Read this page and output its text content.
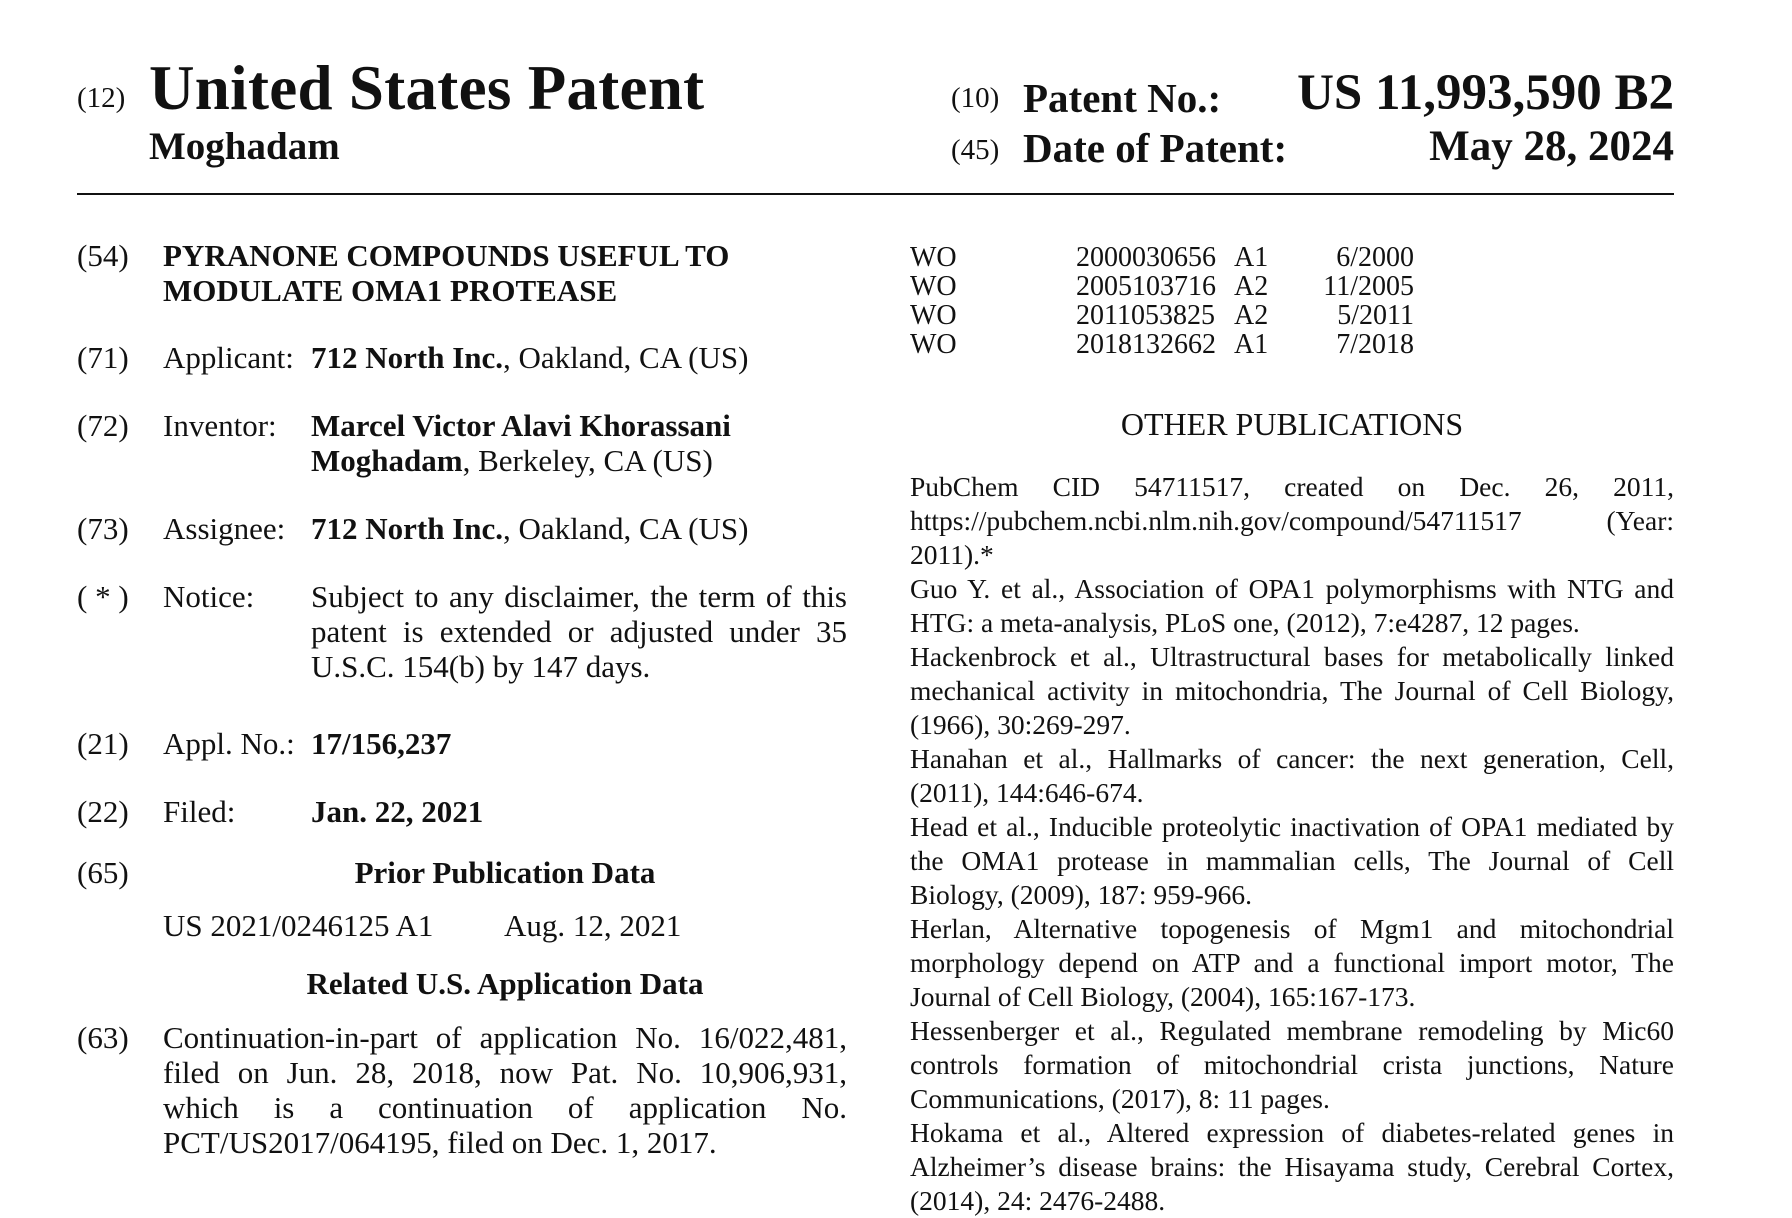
(12) United States Patent
Moghadam
(10) Patent No.: US 11,993,590 B2
(45) Date of Patent:	May 28, 2024
(54) PYRANONE COMPOUNDS USEFUL TO
MODULATE OMA1 PROTEASE
(71) Applicant: 712 North Inc., Oakland, CA (US)
(72) Inventor: Marcel Victor Alavi Khorassani
Moghadam, Berkeley, CA (US)
(73) Assignee: 712 North Inc., Oakland, CA (US)
( * ) Notice: Subject to any disclaimer, the term of this patent is extended or adjusted under 35 U.S.C. 154(b) by 147 days.
(21) Appl. No.: 17/156,237
(22) Filed: Jan. 22, 2021
(65)	Prior Publication Data
US 2021/0246125 A1 Aug. 12, 2021
Related U.S. Application Data
(63) Continuation-in-part of application No. 16/022,481, filed on Jun. 28, 2018, now Pat. No. 10,906,931, which is a continuation of application No. PCT/US2017/064195, filed on Dec. 1, 2017.
WO	2000030656 A1	6/2000
WO	2005103716 A2	11/2005
WO	2011053825 A2	5/2011
WO	2018132662 A1	7/2018
OTHER PUBLICATIONS

PubChem CID 54711517, created on Dec. 26, 2011, https://pubchem.ncbi.nlm.nih.gov/compound/54711517 (Year: 2011).*

Guo Y. et al., Association of OPA1 polymorphisms with NTG and HTG: a meta-analysis, PLoS one, (2012), 7:e4287, 12 pages.

Hackenbrock et al., Ultrastructural bases for metabolically linked mechanical activity in mitochondria, The Journal of Cell Biology, (1966), 30:269-297.

Hanahan et al., Hallmarks of cancer: the next generation, Cell, (2011), 144:646-674.

Head et al., Inducible proteolytic inactivation of OPA1 mediated by the OMA1 protease in mammalian cells, The Journal of Cell Biology, (2009), 187: 959-966.

Herlan, Alternative topogenesis of Mgm1 and mitochondrial morphology depend on ATP and a functional import motor, The Journal of Cell Biology, (2004), 165:167-173.

Hessenberger et al., Regulated membrane remodeling by Mic60 controls formation of mitochondrial crista junctions, Nature Communications, (2017), 8: 11 pages.

Hokama et al., Altered expression of diabetes-related genes in Alzheimer’s disease brains: the Hisayama study, Cerebral Cortex, (2014), 24: 2476-2488.
